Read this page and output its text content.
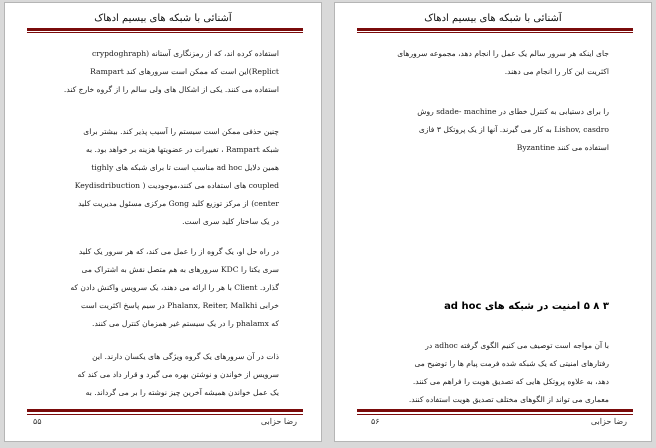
آشنائی با شبکه های بیسیم ادهاک
استفاده کرده اند، که از رمزنگاری آستانه (crypdoghraph
Replict)این است که ممکن است سرورهای کند Rampart
استفاده می کنند. یکی از اشکال های ولی سالم را از گروه خارج کند.
چنین حذفی ممکن است سیستم را آسیب پذیر کند. بیشتر برای
شبکه Rampart ، تغییرات در عضویتها هزینه بر خواهد بود. به
همین دلایل ad hoc مناسب است تا برای شبکه های tighly
coupled های استفاده می کنند،موجودیت ( Keydisdribuction
center) از مرکز توزیع کلید Gong مرکزی مسئول مدیریت کلید
در یک ساختار کلید سری است.
در راه حل او، یک گروه از را عمل می کند، که هر سرور یک کلید
سری یکتا را KDC سرورهای به هم متصل نقش به اشتراک می
گذارد. Client با هر را ارائه می دهند، یک سرویس واکنش دادن که
خرابی Phalanx, Reiter, Malkhi در سیم پاسخ اکثریت است
که phalamx را در یک سیستم غیر همزمان کنترل می کنند.
ذات در آن سرورهای یک گروه ویژگی های یکسان دارند. این
سرویس از خواندن و نوشتن بهره می گیرد و قرار داد می کند که
یک عمل خواندن همیشه آخرین چیز نوشته را بر می گرداند. به
۵۵	رضا حزابی
آشنائی با شبکه های بیسیم ادهاک
جای اینکه هر سرور سالم یک عمل را انجام دهد، مجموعه سرورهای
اکثریت این کار را انجام می دهند.
را برای دستیابی به کنترل خطای در sdade- machine روش
Lishov, casdro به کار می گیرند. آنها از یک پروتکل ۳ فازی
استفاده می کنند Byzantine
۳ ۸ ۵ امنیت در شبکه های ad hoc
با آن مواجه است توصیف می کنیم الگوی گرفته adhoc در
رفتارهای امنیتی که یک شبکه شده فرمت پیام ها را توضیح می
دهد، به علاوه پروتکل هایی که تصدیق هویت را فراهم می کنند.
معماری می تواند از الگوهای مختلف تصدیق هویت استفاده کنند.
۵۶	رضا حزابی
